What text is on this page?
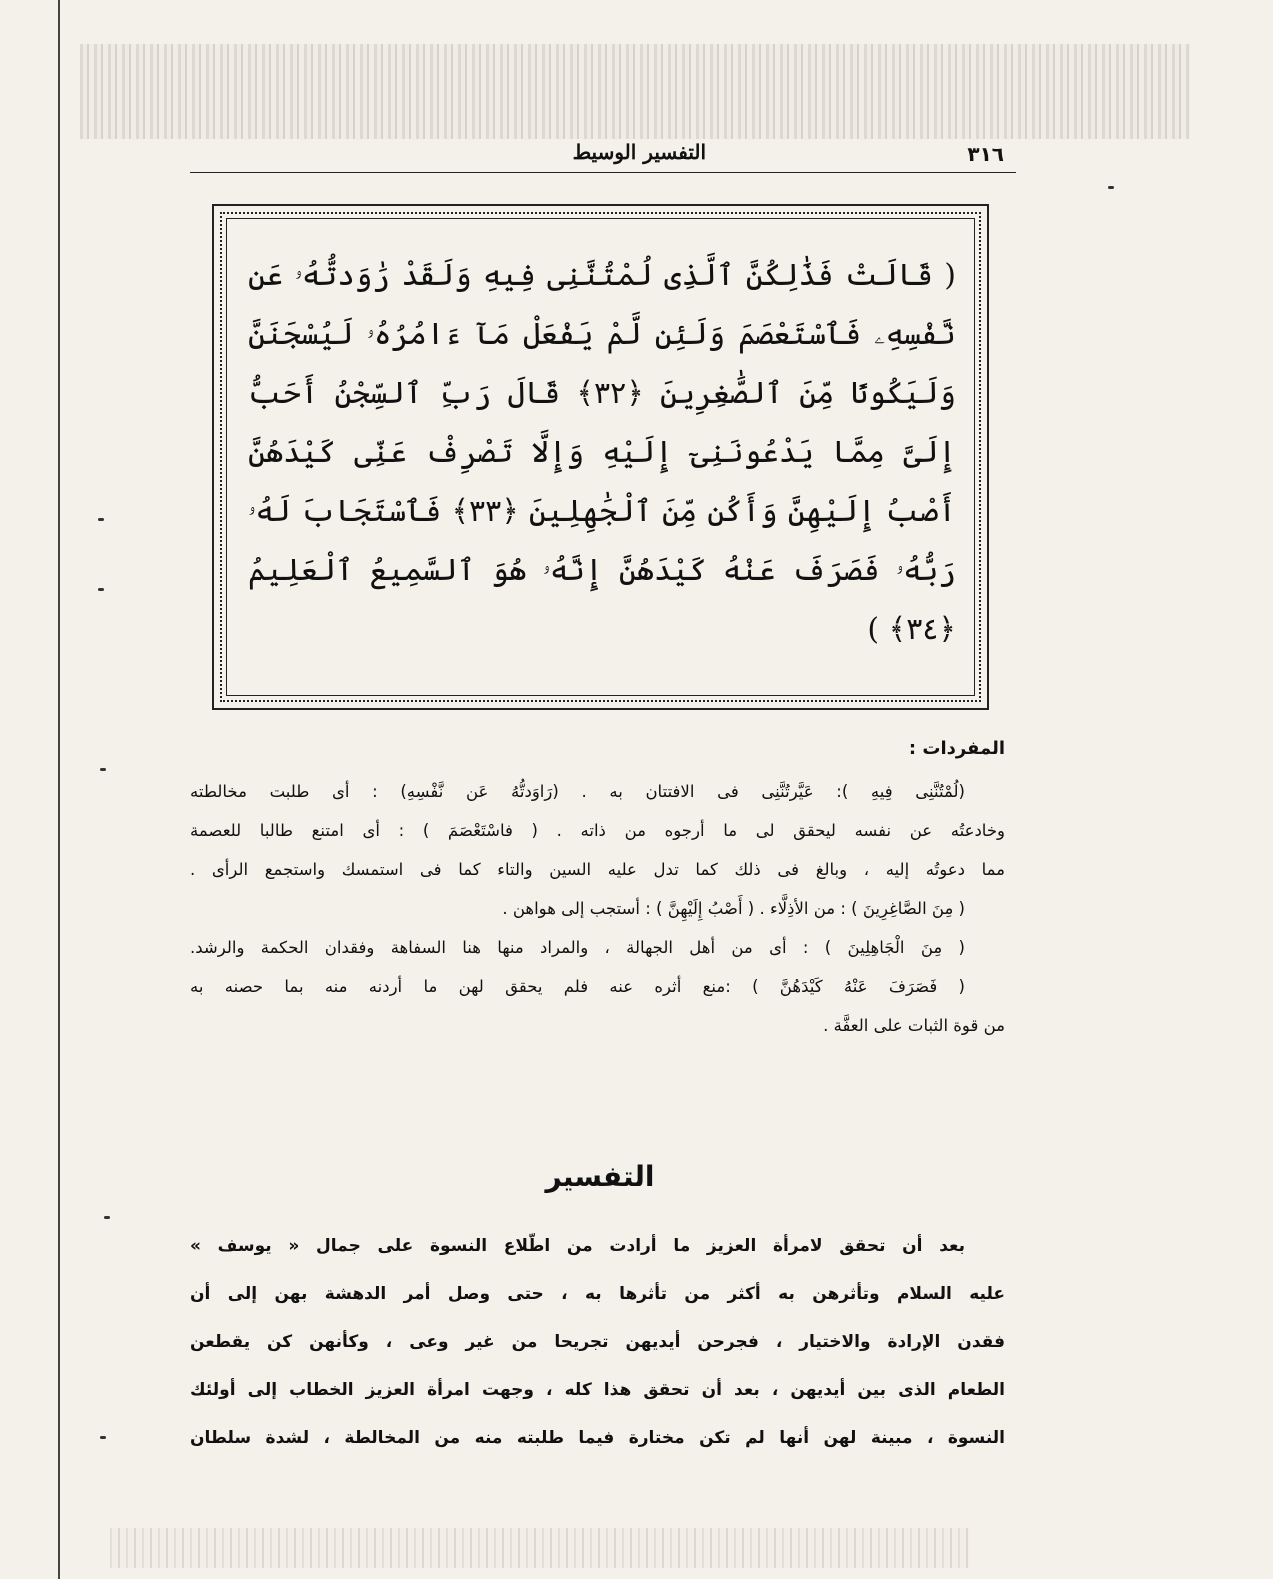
٣١٦
التفسير الوسيط
( قَالَتْ فَذَٰلِكُنَّ ٱلَّذِى لُمْتُنَّنِى فِيهِ وَلَقَدْ رَٰوَدتُّهُۥ عَن نَّفْسِهِۦ فَٱسْتَعْصَمَ وَلَئِن لَّمْ يَفْعَلْ مَآ ءَامُرُهُۥ لَيُسْجَنَنَّ وَلَيَكُونًا مِّنَ ٱلصَّٰغِرِينَ ﴿٣٢﴾ قَالَ رَبِّ ٱلسِّجْنُ أَحَبُّ إِلَىَّ مِمَّا يَدْعُونَنِىٓ إِلَيْهِ وَإِلَّا تَصْرِفْ عَنِّى كَيْدَهُنَّ أَصْبُ إِلَيْهِنَّ وَأَكُن مِّنَ ٱلْجَٰهِلِينَ ﴿٣٣﴾ فَٱسْتَجَابَ لَهُۥ رَبُّهُۥ فَصَرَفَ عَنْهُ كَيْدَهُنَّ إِنَّهُۥ هُوَ ٱلسَّمِيعُ ٱلْعَلِيمُ ﴿٣٤﴾ )
المفردات :
(لُمْتُنَّنِى فِيهِ ): عَيَّرتُنَّنِى فى الافتتان به . (رَاوَدتُّهُ عَن نَّفْسِهِ) : أى طلبت مخالطته
وخادعتُه عن نفسه ليحقق لى ما أرجوه من ذاته . ( فاسْتَعْصَمَ ) : أى امتنع طالبا للعصمة
مما دعوتُه إليه ، وبالغ فى ذلك كما تدل عليه السين والتاء كما فى استمسك واستجمع الرأى .
( مِنَ الصَّاغِرِينَ ) : من الأذِلَّاء . ( أَصْبُ إِلَيْهِنَّ ) : أستجب إلى هواهن .
( مِنَ الْجَاهِلِينَ ) : أى من أهل الجهالة ، والمراد منها هنا السفاهة وفقدان الحكمة والرشد.
( فَصَرَفَ عَنْهُ كَيْدَهُنَّ ) :منع أثره عنه فلم يحقق لهن ما أردنه منه بما حصنه به
من قوة الثبات على العفَّة .
التفسير
بعد أن تحقق لامرأة العزيز ما أرادت من اطّلاع النسوة على جمال « يوسف »
عليه السلام وتأثرهن به أكثر من تأثرها به ، حتى وصل أمر الدهشة بهن إلى أن
فقدن الإرادة والاختيار ، فجرحن أيديهن تجريحا من غير وعى ، وكأنهن كن يقطعن
الطعام الذى بين أيديهن ، بعد أن تحقق هذا كله ، وجهت امرأة العزيز الخطاب إلى أولئك
النسوة ، مبينة لهن أنها لم تكن مختارة فيما طلبته منه من المخالطة ، لشدة سلطان
